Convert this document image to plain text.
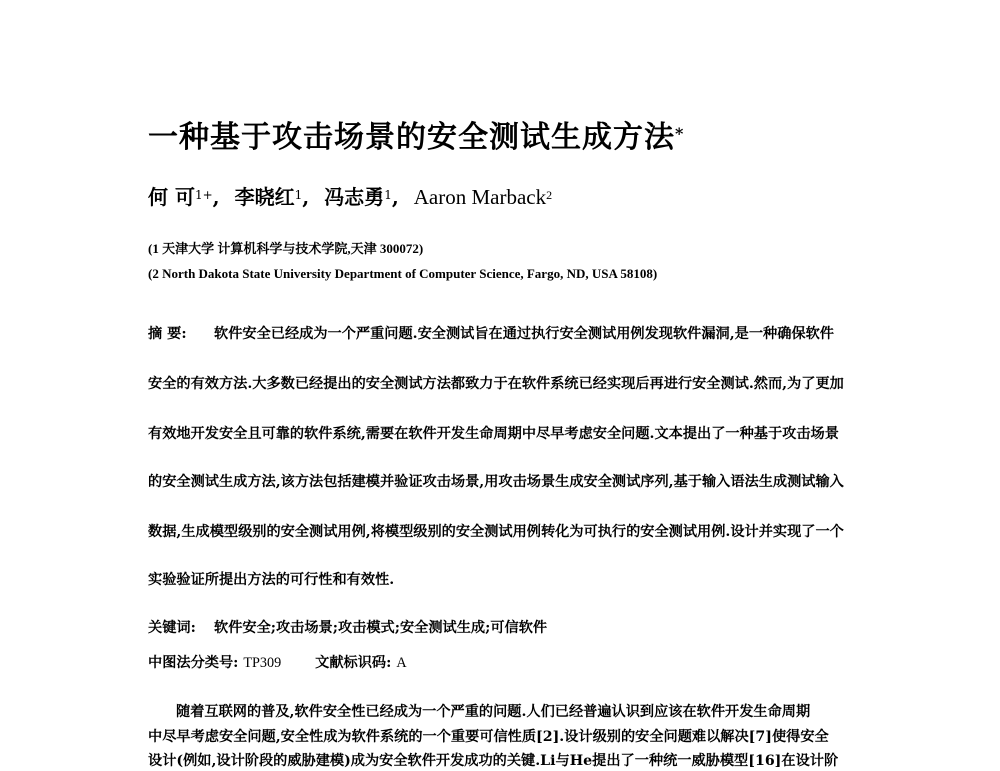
一种基于攻击场景的安全测试生成方法*
何 可$^{1+}$, 李晓红$^1$, 冯志勇$^1$, Aaron Marback$^2$
(1 天津大学 计算机科学与技术学院,天津 300072)
(2 North Dakota State University Department of Computer Science, Fargo, ND, USA 58108)
摘 要: 软件安全已经成为一个严重问题.安全测试旨在通过执行安全测试用例发现软件漏洞,是一种确保软件
安全的有效方法.大多数已经提出的安全测试方法都致力于在软件系统已经实现后再进行安全测试.然而,为了更加
有效地开发安全且可靠的软件系统,需要在软件开发生命周期中尽早考虑安全问题.文本提出了一种基于攻击场景
的安全测试生成方法,该方法包括建模并验证攻击场景,用攻击场景生成安全测试序列,基于输入语法生成测试输入
数据,生成模型级别的安全测试用例,将模型级别的安全测试用例转化为可执行的安全测试用例.设计并实现了一个
实验验证所提出方法的可行性和有效性.
关键词: 软件安全;攻击场景;攻击模式;安全测试生成;可信软件
中图法分类号: TP309 文献标识码: A
随着互联网的普及,软件安全性已经成为一个严重的问题.人们已经普遍认识到应该在软件开发生命周期
中尽早考虑安全问题,安全性成为软件系统的一个重要可信性质[2].设计级别的安全问题难以解决[7]使得安全
设计(例如,设计阶段的威胁建模)成为安全软件开发成功的关键.Li与He提出了一种统一威胁模型[16]在设计阶
